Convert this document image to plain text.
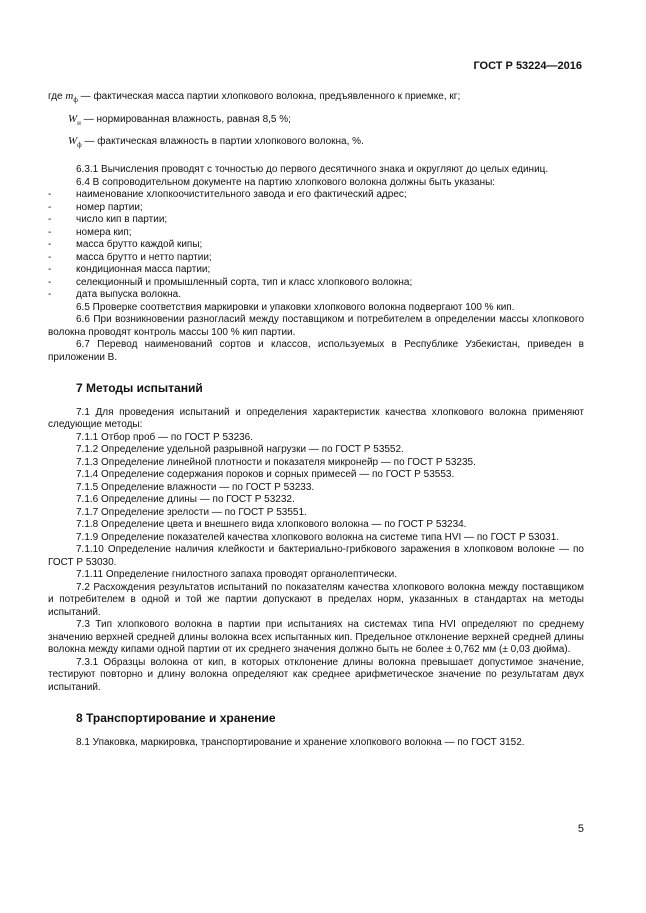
ГОСТ Р 53224—2016
где
$m_ф$
— фактическая масса партии хлопкового волокна, предъявленного к приемке, кг;
$W_н$
— нормированная влажность, равная 8,5 %;
$W_ф$
— фактическая влажность в партии хлопкового волокна, %.

6.3.1 Вычисления проводят с точностью до первого десятичного знака и округляют до целых единиц.

6.4 В сопроводительном документе на партию хлопкового волокна должны быть указаны:

-	наименование хлопкоочистительного завода и его фактический адрес;
-	номер партии;
-	число кип в партии;
-	номера кип;
-	масса брутто каждой кипы;
-	масса брутто и нетто партии;
-	кондиционная масса партии;
-	селекционный и промышленный сорта, тип и класс хлопкового волокна;
-	дата выпуска волокна.

6.5 Проверке соответствия маркировки и упаковки хлопкового волокна подвергают 100 % кип.

6.6 При возникновении разногласий между поставщиком и потребителем в определении массы хлопкового волокна проводят контроль массы 100 % кип партии.

6.7 Перевод наименований сортов и классов, используемых в Республике Узбекистан, приведен в приложении В.

7 Методы испытаний

7.1 Для проведения испытаний и определения характеристик качества хлопкового волокна применяют следующие методы:

7.1.1 Отбор проб — по ГОСТ Р 53236.

7.1.2 Определение удельной разрывной нагрузки — по ГОСТ Р 53552.

7.1.3 Определение линейной плотности и показателя микронейр — по ГОСТ Р 53235.

7.1.4 Определение содержания пороков и сорных примесей — по ГОСТ Р 53553.

7.1.5 Определение влажности — по ГОСТ Р 53233.

7.1.6 Определение длины — по ГОСТ Р 53232.

7.1.7 Определение зрелости — по ГОСТ Р 53551.

7.1.8 Определение цвета и внешнего вида хлопкового волокна — по ГОСТ Р 53234.

7.1.9 Определение показателей качества хлопкового волокна на системе типа HVI — по ГОСТ Р 53031.

7.1.10 Определение наличия клейкости и бактериально-грибкового заражения в хлопковом волокне — по ГОСТ Р 53030.

7.1.11 Определение гнилостного запаха проводят органолептически.

7.2 Расхождения результатов испытаний по показателям качества хлопкового волокна между поставщиком и потребителем в одной и той же партии допускают в пределах норм, указанных в стандартах на методы испытаний.

7.3 Тип хлопкового волокна в партии при испытаниях на системах типа HVI определяют по среднему значению верхней средней длины волокна всех испытанных кип. Предельное отклонение верхней средней длины волокна между кипами одной партии от их среднего значения должно быть не более ± 0,762 мм (± 0,03 дюйма).

7.3.1 Образцы волокна от кип, в которых отклонение длины волокна превышает допустимое значение, тестируют повторно и длину волокна определяют как среднее арифметическое значение по результатам двух испытаний.

8 Транспортирование и хранение

8.1 Упаковка, маркировка, транспортирование и хранение хлопкового волокна — по ГОСТ 3152.

5
